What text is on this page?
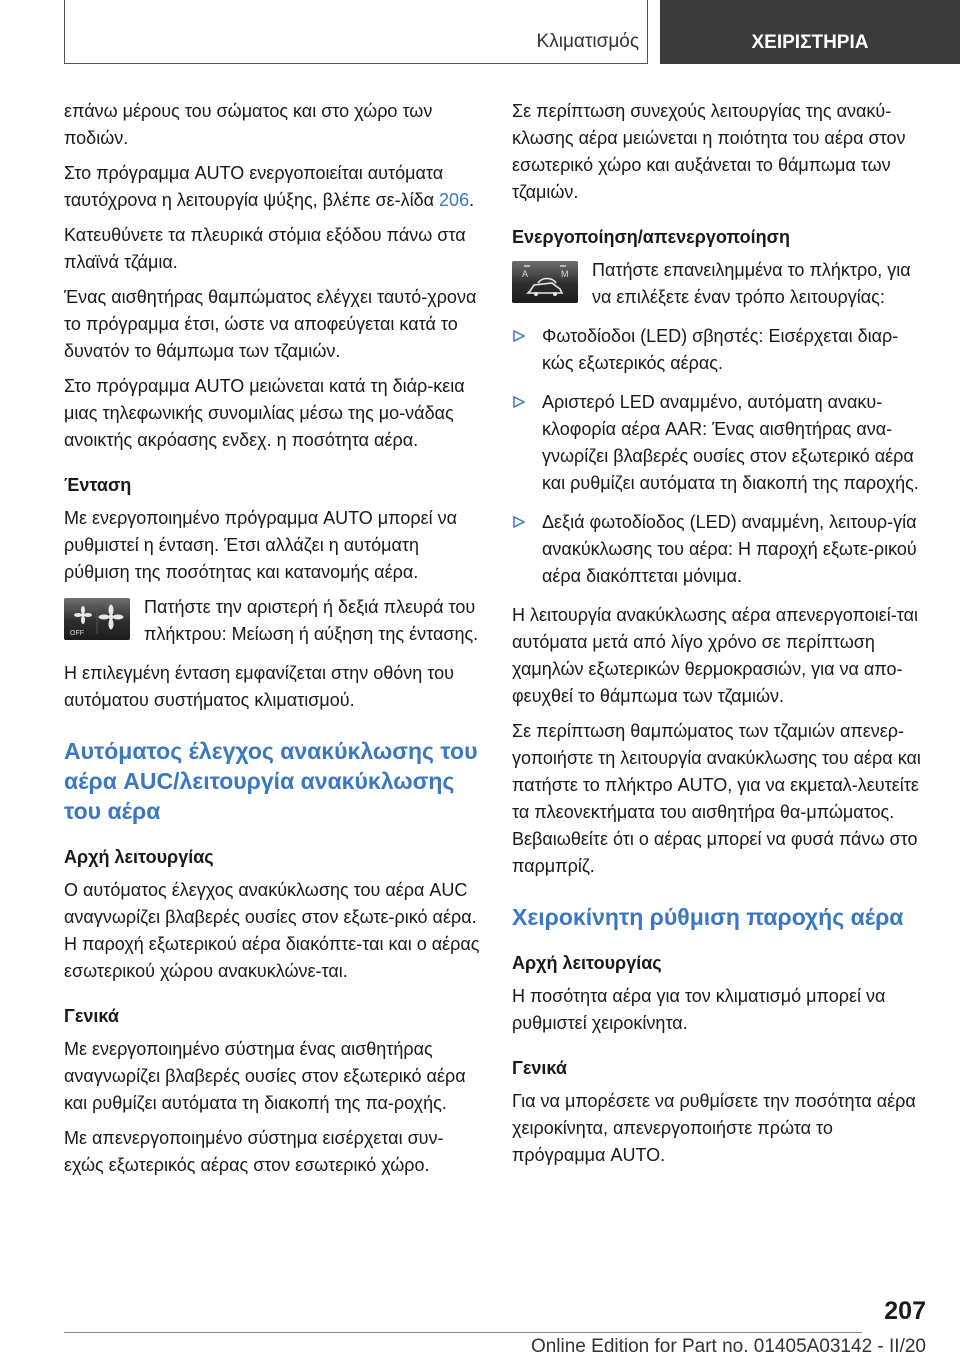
Κλιματισμός	ΧΕΙΡΙΣΤΗΡΙΑ

επάνω μέρους του σώματος και στο χώρο των ποδιών.

Στο πρόγραμμα AUTO ενεργοποιείται αυτόματα ταυτόχρονα η λειτουργία ψύξης, βλέπε σε‐λίδα 206.

Κατευθύνετε τα πλευρικά στόμια εξόδου πάνω στα πλαϊνά τζάμια.

Ένας αισθητήρας θαμπώματος ελέγχει ταυτό‐χρονα το πρόγραμμα έτσι, ώστε να αποφεύγεται κατά το δυνατόν το θάμπωμα των τζαμιών.

Στο πρόγραμμα AUTO μειώνεται κατά τη διάρ‐κεια μιας τηλεφωνικής συνομιλίας μέσω της μο‐νάδας ανοικτής ακρόασης ενδεχ. η ποσότητα αέρα.

Ένταση

Με ενεργοποιημένο πρόγραμμα AUTO μπορεί να ρυθμιστεί η ένταση. Έτσι αλλάζει η αυτόματη ρύθμιση της ποσότητας και κατανομής αέρα.

OFF

Πατήστε την αριστερή ή δεξιά πλευρά του πλήκτρου: Μείωση ή αύξηση της έντασης.

Η επιλεγμένη ένταση εμφανίζεται στην οθόνη του αυτόματου συστήματος κλιματισμού.

Αυτόματος έλεγχος ανακύκλωσης του αέρα AUC/λειτουργία ανακύκλωσης του αέρα
Αρχή λειτουργίας

Ο αυτόματος έλεγχος ανακύκλωσης του αέρα AUC αναγνωρίζει βλαβερές ουσίες στον εξωτε‐ρικό αέρα. Η παροχή εξωτερικού αέρα διακόπτε‐ται και ο αέρας εσωτερικού χώρου ανακυκλώνε‐ται.

Γενικά

Με ενεργοποιημένο σύστημα ένας αισθητήρας αναγνωρίζει βλαβερές ουσίες στον εξωτερικό αέρα και ρυθμίζει αυτόματα τη διακοπή της πα‐ροχής.

Με απενεργοποιημένο σύστημα εισέρχεται συν‐εχώς εξωτερικός αέρας στον εσωτερικό χώρο.

Σε περίπτωση συνεχούς λειτουργίας της ανακύ‐κλωσης αέρα μειώνεται η ποιότητα του αέρα στον εσωτερικό χώρο και αυξάνεται το θάμπωμα των τζαμιών.

Ενεργοποίηση/απενεργοποίηση
A	M Πατήστε επανειλημμένα το πλήκτρο, για να επιλέξετε έναν τρόπο λειτουργίας:

Φωτοδίοδοι (LED) σβηστές: Εισέρχεται διαρ‐κώς εξωτερικός αέρας.
Αριστερό LED αναμμένο, αυτόματη ανακυ‐κλοφορία αέρα AAR: Ένας αισθητήρας ανα‐γνωρίζει βλαβερές ουσίες στον εξωτερικό αέρα και ρυθμίζει αυτόματα τη διακοπή της παροχής.
Δεξιά φωτοδίοδος (LED) αναμμένη, λειτουρ‐γία ανακύκλωσης του αέρα: Η παροχή εξωτε‐ρικού αέρα διακόπτεται μόνιμα.

Η λειτουργία ανακύκλωσης αέρα απενεργοποιεί‐ται αυτόματα μετά από λίγο χρόνο σε περίπτωση χαμηλών εξωτερικών θερμοκρασιών, για να απο‐φευχθεί το θάμπωμα των τζαμιών.

Σε περίπτωση θαμπώματος των τζαμιών απενερ‐γοποιήστε τη λειτουργία ανακύκλωσης του αέρα και πατήστε το πλήκτρο AUTO, για να εκμεταλ‐λευτείτε τα πλεονεκτήματα του αισθητήρα θα‐μπώματος. Βεβαιωθείτε ότι ο αέρας μπορεί να φυσά πάνω στο παρμπρίζ.

Χειροκίνητη ρύθμιση παροχής αέρα
Αρχή λειτουργίας

Η ποσότητα αέρα για τον κλιματισμό μπορεί να ρυθμιστεί χειροκίνητα.

Γενικά

Για να μπορέσετε να ρυθμίσετε την ποσότητα αέρα χειροκίνητα, απενεργοποιήστε πρώτα το πρόγραμμα AUTO.

207
Online Edition for Part no. 01405A03142 - II/20
